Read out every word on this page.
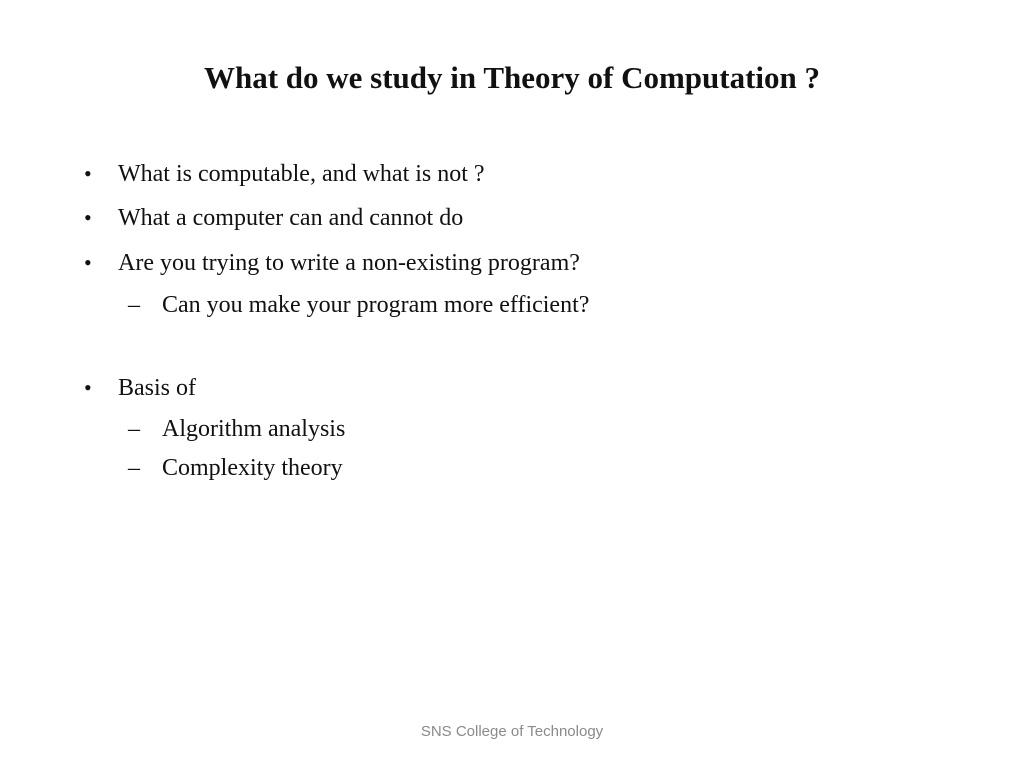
What do we study in Theory of Computation ?
• What is computable, and what is not ?
• What a computer can and cannot do
• Are you trying to write a non-existing program?
– Can you make your program more efficient?
• Basis of
– Algorithm analysis
– Complexity theory
SNS College of Technology
